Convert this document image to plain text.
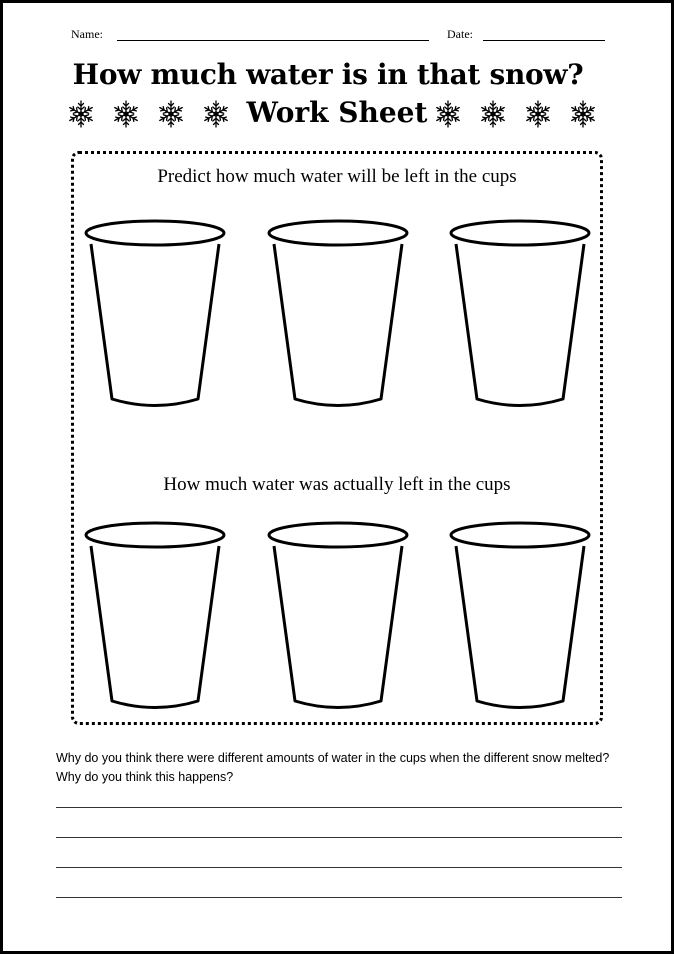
Name:	Date:
How much water is in that snow?
Work Sheet
Predict how much water will be left in the cups
How much water was actually left in the cups
Why do you think there were different amounts of water in the cups when the different snow melted? Why do you think this happens?
